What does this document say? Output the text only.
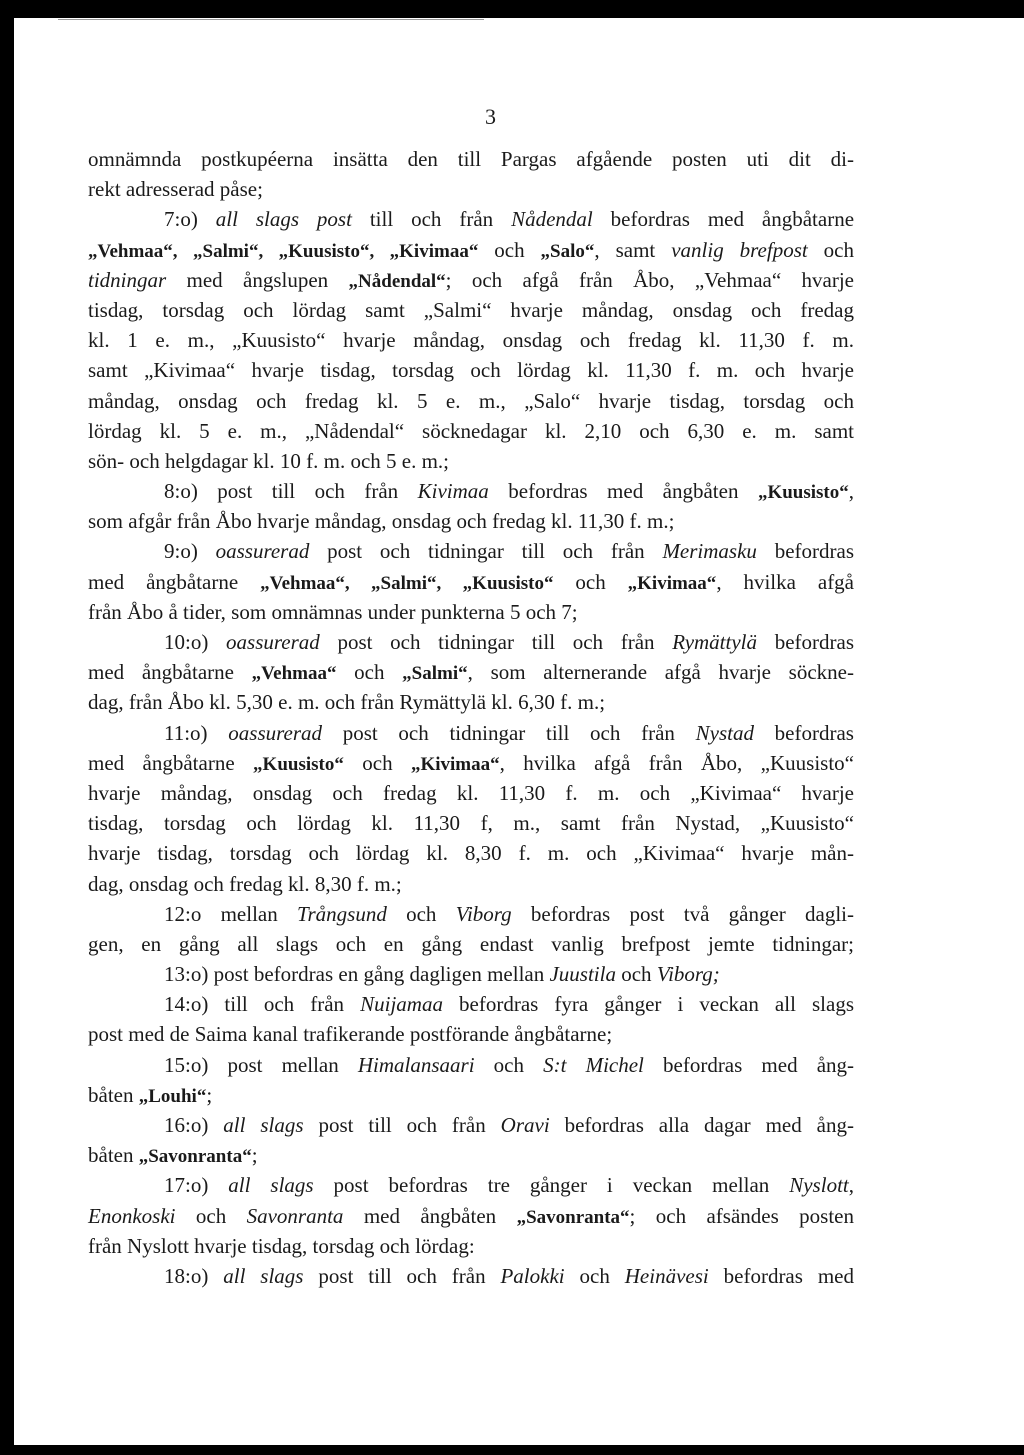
3
omnämnda postkupéerna insätta den till Pargas afgående posten uti dit di-
rekt adresserad påse;
7:o) all slags post till och från Nådendal befordras med ångbåtarne
„Vehmaa“, „Salmi“, „Kuusisto“, „Kivimaa“ och „Salo“, samt vanlig brefpost och
tidningar med ångslupen „Nådendal“; och afgå från Åbo, „Vehmaa“ hvarje
tisdag, torsdag och lördag samt „Salmi“ hvarje måndag, onsdag och fredag
kl. 1 e. m., „Kuusisto“ hvarje måndag, onsdag och fredag kl. 11,30 f. m.
samt „Kivimaa“ hvarje tisdag, torsdag och lördag kl. 11,30 f. m. och hvarje
måndag, onsdag och fredag kl. 5 e. m., „Salo“ hvarje tisdag, torsdag och
lördag kl. 5 e. m., „Nådendal“ söcknedagar kl. 2,10 och 6,30 e. m. samt
sön- och helgdagar kl. 10 f. m. och 5 e. m.;
8:o) post till och från Kivimaa befordras med ångbåten „Kuusisto“,
som afgår från Åbo hvarje måndag, onsdag och fredag kl. 11,30 f. m.;
9:o) oassurerad post och tidningar till och från Merimasku befordras
med ångbåtarne „Vehmaa“, „Salmi“, „Kuusisto“ och „Kivimaa“, hvilka afgå
från Åbo å tider, som omnämnas under punkterna 5 och 7;
10:o) oassurerad post och tidningar till och från Rymättylä befordras
med ångbåtarne „Vehmaa“ och „Salmi“, som alternerande afgå hvarje söckne-
dag, från Åbo kl. 5,30 e. m. och från Rymättylä kl. 6,30 f. m.;
11:o) oassurerad post och tidningar till och från Nystad befordras
med ångbåtarne „Kuusisto“ och „Kivimaa“, hvilka afgå från Åbo, „Kuusisto“
hvarje måndag, onsdag och fredag kl. 11,30 f. m. och „Kivimaa“ hvarje
tisdag, torsdag och lördag kl. 11,30 f, m., samt från Nystad, „Kuusisto“
hvarje tisdag, torsdag och lördag kl. 8,30 f. m. och „Kivimaa“ hvarje mån-
dag, onsdag och fredag kl. 8,30 f. m.;
12:o mellan Trångsund och Viborg befordras post två gånger dagli-
gen, en gång all slags och en gång endast vanlig brefpost jemte tidningar;
13:o) post befordras en gång dagligen mellan Juustila och Viborg;
14:o) till och från Nuijamaa befordras fyra gånger i veckan all slags
post med de Saima kanal trafikerande postförande ångbåtarne;
15:o) post mellan Himalansaari och S:t Michel befordras med ång-
båten „Louhi“;
16:o) all slags post till och från Oravi befordras alla dagar med ång-
båten „Savonranta“;
17:o) all slags post befordras tre gånger i veckan mellan Nyslott,
Enonkoski och Savonranta med ångbåten „Savonranta“; och afsändes posten
från Nyslott hvarje tisdag, torsdag och lördag:
18:o) all slags post till och från Palokki och Heinävesi befordras med
